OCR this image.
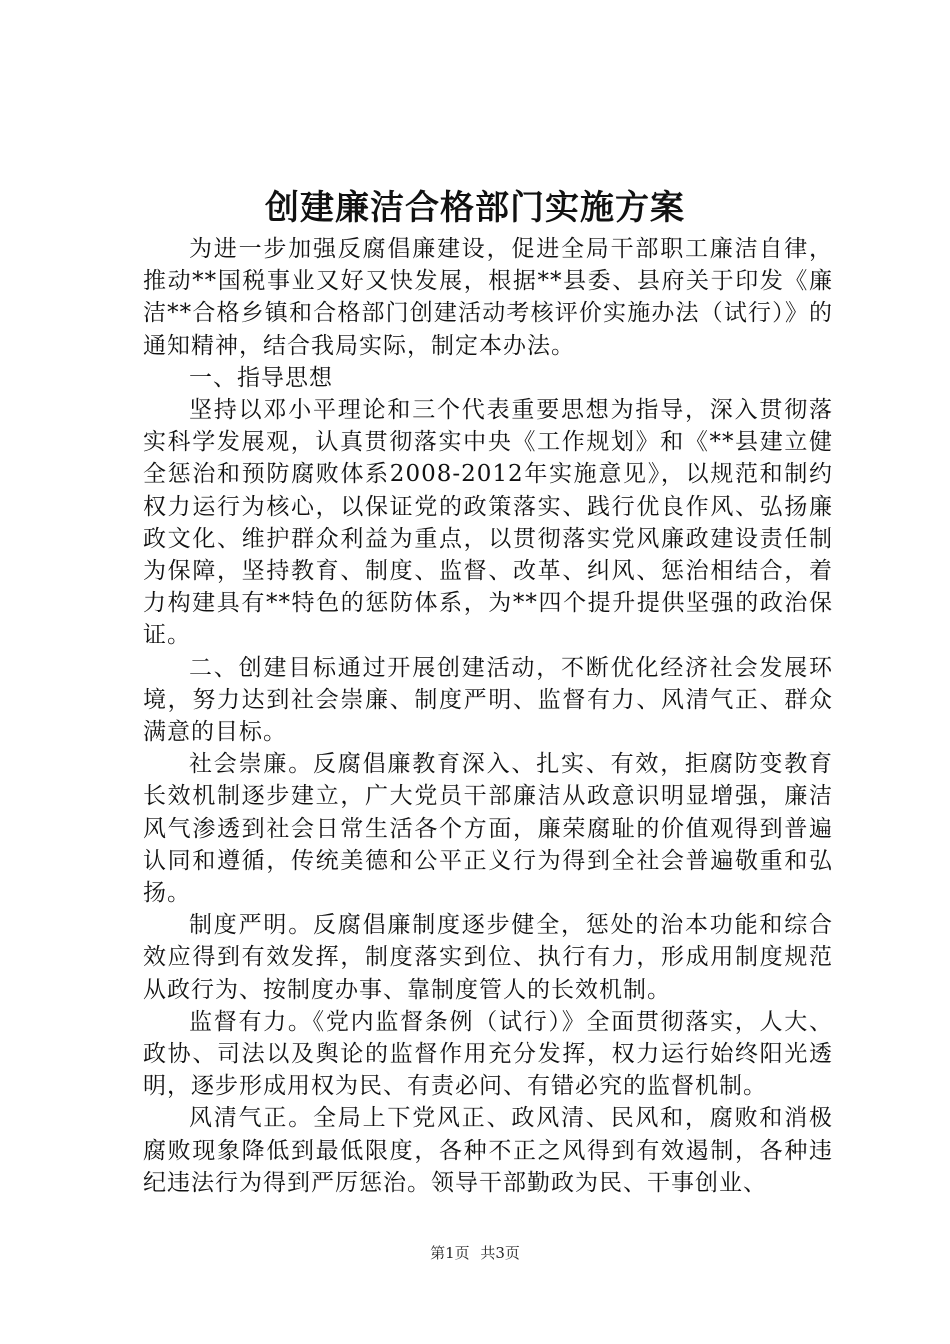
创建廉洁合格部门实施方案

为进一步加强反腐倡廉建设，促进全局干部职工廉洁自律，推动**国税事业又好又快发展，根据**县委、县府关于印发《廉洁**合格乡镇和合格部门创建活动考核评价实施办法（试行）》的通知精神，结合我局实际，制定本办法。

一、指导思想

坚持以邓小平理论和三个代表重要思想为指导，深入贯彻落实科学发展观，认真贯彻落实中央《工作规划》和《**县建立健全惩治和预防腐败体系2008-2012年实施意见》，以规范和制约权力运行为核心，以保证党的政策落实、践行优良作风、弘扬廉政文化、维护群众利益为重点，以贯彻落实党风廉政建设责任制为保障，坚持教育、制度、监督、改革、纠风、惩治相结合，着力构建具有**特色的惩防体系，为**四个提升提供坚强的政治保证。

二、创建目标通过开展创建活动，不断优化经济社会发展环境，努力达到社会崇廉、制度严明、监督有力、风清气正、群众满意的目标。

社会崇廉。反腐倡廉教育深入、扎实、有效，拒腐防变教育长效机制逐步建立，广大党员干部廉洁从政意识明显增强，廉洁风气渗透到社会日常生活各个方面，廉荣腐耻的价值观得到普遍认同和遵循，传统美德和公平正义行为得到全社会普遍敬重和弘扬。

制度严明。反腐倡廉制度逐步健全，惩处的治本功能和综合效应得到有效发挥，制度落实到位、执行有力，形成用制度规范从政行为、按制度办事、靠制度管人的长效机制。

监督有力。《党内监督条例（试行）》全面贯彻落实，人大、政协、司法以及舆论的监督作用充分发挥，权力运行始终阳光透明，逐步形成用权为民、有责必问、有错必究的监督机制。

风清气正。全局上下党风正、政风清、民风和，腐败和消极腐败现象降低到最低限度，各种不正之风得到有效遏制，各种违纪违法行为得到严厉惩治。领导干部勤政为民、干事创业、

第1页 共3页
